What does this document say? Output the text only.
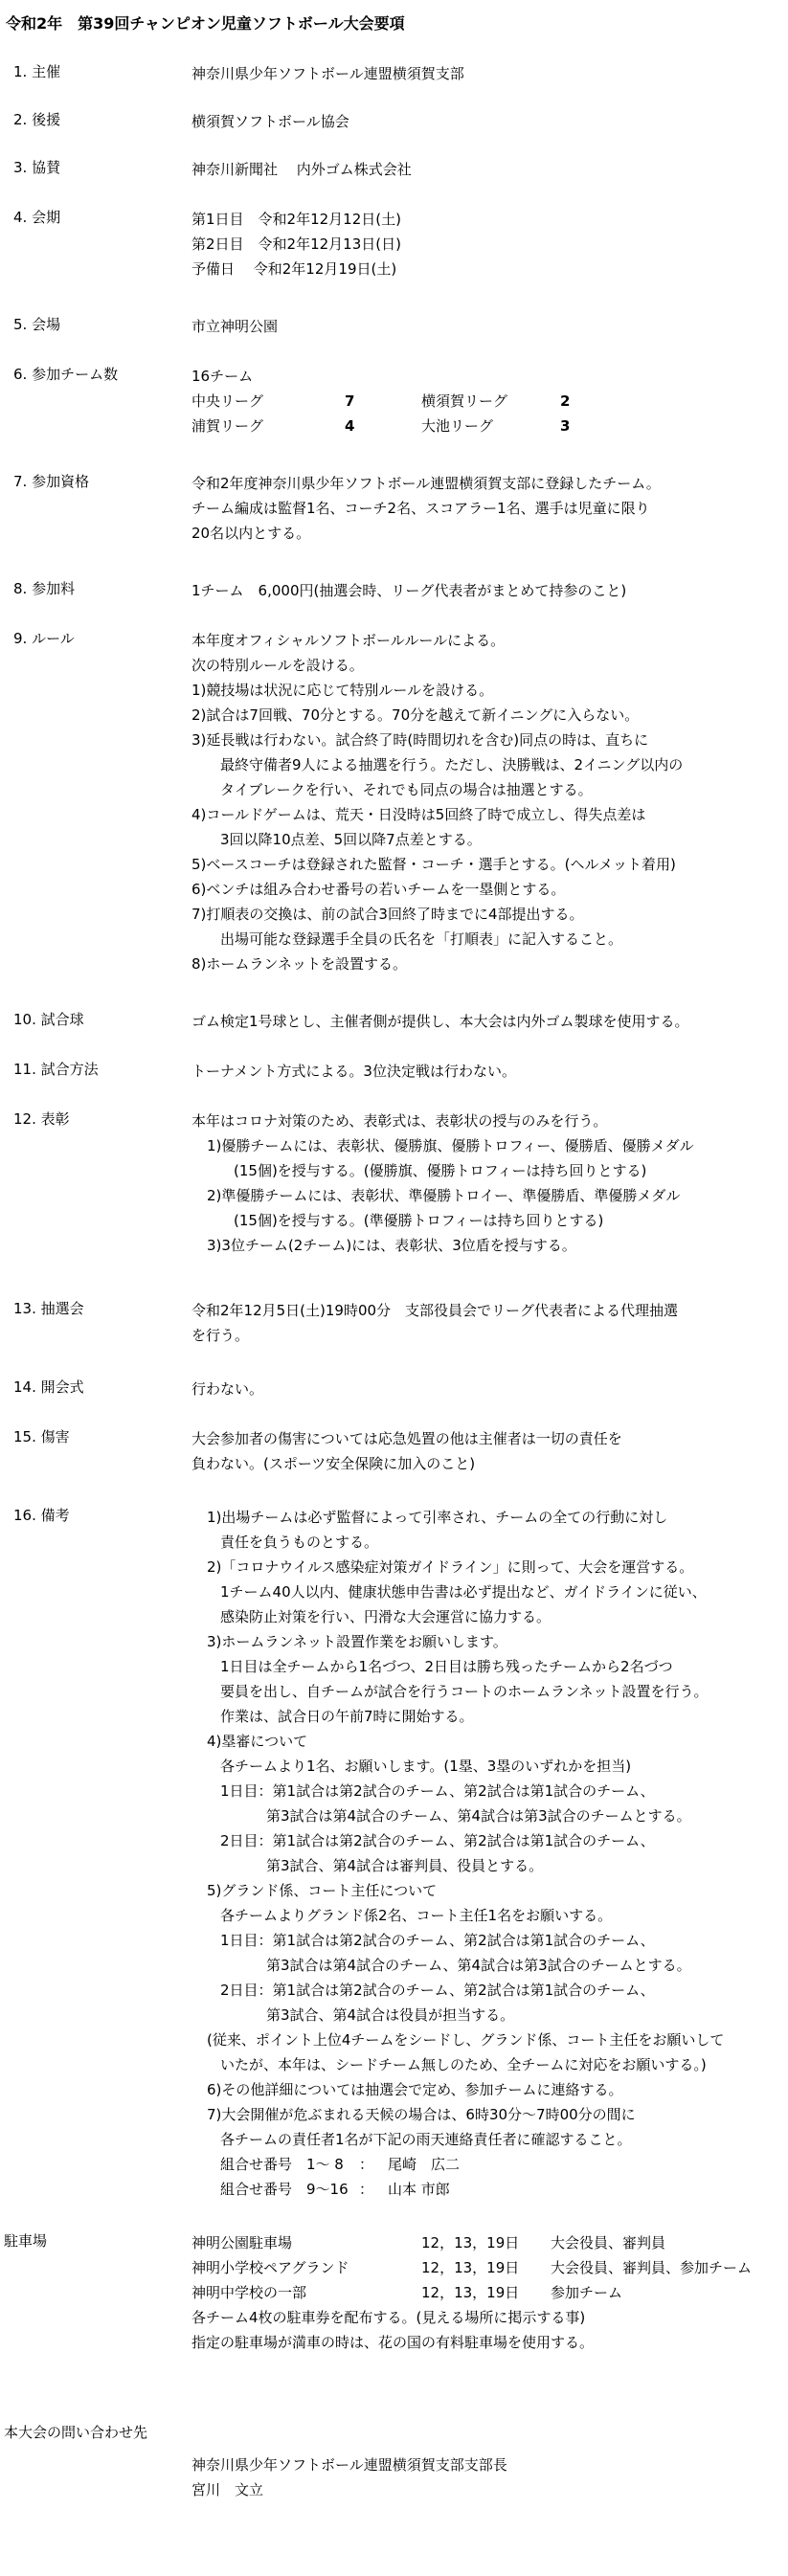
令和2年　第39回チャンピオン児童ソフトボール大会要項
1. 主催	神奈川県少年ソフトボール連盟横須賀支部
2. 後援	横須賀ソフトボール協会
3. 協賛	神奈川新聞社　 内外ゴム株式会社
4. 会期	第1日目　令和2年12月12日(土)
第2日目　令和2年12月13日(日)
予備日　 令和2年12月19日(土)
5. 会場	市立神明公園
6. 参加チーム数	16チーム
中央リーグ	7	横須賀リーグ	2
浦賀リーグ	4	大池リーグ	3
7. 参加資格	令和2年度神奈川県少年ソフトボール連盟横須賀支部に登録したチーム。
チーム編成は監督1名、コーチ2名、スコアラー1名、選手は児童に限り
20名以内とする。
8. 参加料	1チーム　6,000円(抽選会時、リーグ代表者がまとめて持参のこと)
9. ルール	本年度オフィシャルソフトボールルールによる。
次の特別ルールを設ける。
1)競技場は状況に応じて特別ルールを設ける。
2)試合は7回戦、70分とする。70分を越えて新イニングに入らない。
3)延長戦は行わない。試合終了時(時間切れを含む)同点の時は、直ちに
最終守備者9人による抽選を行う。ただし、決勝戦は、2イニング以内の
タイブレークを行い、それでも同点の場合は抽選とする。
4)コールドゲームは、荒天・日没時は5回終了時で成立し、得失点差は
3回以降10点差、5回以降7点差とする。
5)ベースコーチは登録された監督・コーチ・選手とする。(ヘルメット着用)
6)ベンチは組み合わせ番号の若いチームを一塁側とする。
7)打順表の交換は、前の試合3回終了時までに4部提出する。
出場可能な登録選手全員の氏名を「打順表」に記入すること。
8)ホームランネットを設置する。
10. 試合球	ゴム検定1号球とし、主催者側が提供し、本大会は内外ゴム製球を使用する。
11. 試合方法	トーナメント方式による。3位決定戦は行わない。
12. 表彰	本年はコロナ対策のため、表彰式は、表彰状の授与のみを行う。
1)優勝チームには、表彰状、優勝旗、優勝トロフィー、優勝盾、優勝メダル
(15個)を授与する。(優勝旗、優勝トロフィーは持ち回りとする)
2)準優勝チームには、表彰状、準優勝トロイー、準優勝盾、準優勝メダル
(15個)を授与する。(準優勝トロフィーは持ち回りとする)
3)3位チーム(2チーム)には、表彰状、3位盾を授与する。
13. 抽選会	令和2年12月5日(土)19時00分　支部役員会でリーグ代表者による代理抽選
を行う。
14. 開会式	行わない。
15. 傷害	大会参加者の傷害については応急処置の他は主催者は一切の責任を
負わない。(スポーツ安全保険に加入のこと)
16. 備考	1)出場チームは必ず監督によって引率され、チームの全ての行動に対し
責任を負うものとする。
2)「コロナウイルス感染症対策ガイドライン」に則って、大会を運営する。
1チーム40人以内、健康状態申告書は必ず提出など、ガイドラインに従い、
感染防止対策を行い、円滑な大会運営に協力する。
3)ホームランネット設置作業をお願いします。
1日目は全チームから1名づつ、2日目は勝ち残ったチームから2名づつ
要員を出し、自チームが試合を行うコートのホームランネット設置を行う。
作業は、試合日の午前7時に開始する。
4)塁審について
各チームより1名、お願いします。(1塁、3塁のいずれかを担当)
1日目：第1試合は第2試合のチーム、第2試合は第1試合のチーム、
第3試合は第4試合のチーム、第4試合は第3試合のチームとする。
2日目：第1試合は第2試合のチーム、第2試合は第1試合のチーム、
第3試合、第4試合は審判員、役員とする。
5)グランド係、コート主任について
各チームよりグランド係2名、コート主任1名をお願いする。
1日目：第1試合は第2試合のチーム、第2試合は第1試合のチーム、
第3試合は第4試合のチーム、第4試合は第3試合のチームとする。
2日目：第1試合は第2試合のチーム、第2試合は第1試合のチーム、
第3試合、第4試合は役員が担当する。
(従来、ポイント上位4チームをシードし、グランド係、コート主任をお願いして
いたが、本年は、シードチーム無しのため、全チームに対応をお願いする。)
6)その他詳細については抽選会で定め、参加チームに連絡する。
7)大会開催が危ぶまれる天候の場合は、6時30分～7時00分の間に
各チームの責任者1名が下記の雨天連絡責任者に確認すること。
組合せ番号　1～ 8	： 尾崎　広二
組合せ番号　9～16 ： 山本 市郎
駐車場	神明公園駐車場	12，13，19日	大会役員、審判員
神明小学校ペアグランド	12，13，19日	大会役員、審判員、参加チーム
神明中学校の一部	12，13，19日	参加チーム
各チーム4枚の駐車券を配布する。(見える場所に掲示する事)
指定の駐車場が満車の時は、花の国の有料駐車場を使用する。
本大会の問い合わせ先
神奈川県少年ソフトボール連盟横須賀支部支部長
宮川　文立
